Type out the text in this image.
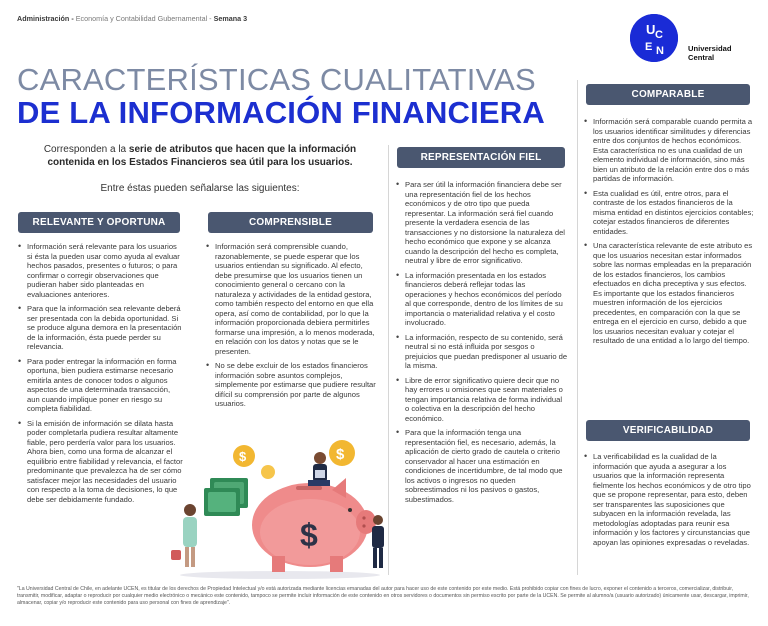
Administración - Economía y Contabilidad Gubernamental - Semana 3
U C
E N	Universidad
Central
CARACTERÍSTICAS CUALITATIVAS
DE LA INFORMACIÓN FINANCIERA
Corresponden a la serie de atributos que hacen que la información contenida en los Estados Financieros sea útil para los usuarios.
Entre éstas pueden señalarse las siguientes:
RELEVANTE Y OPORTUNA
• Información será relevante para los usuarios si ésta la pueden usar como ayuda al evaluar hechos pasados, presentes o futuros; o para confirmar o corregir observaciones que pudieran haber sido planteadas en evaluaciones anteriores.
• Para que la información sea relevante deberá ser presentada con la debida oportunidad. Si se produce alguna demora en la presentación de la información, ésta puede perder su relevancia.
• Para poder entregar la información en forma oportuna, bien pudiera estimarse necesario emitirla antes de conocer todos o algunos aspectos de una determinada transacción, aun cuando implique poner en riesgo su completa fiabilidad.
• Si la emisión de información se dilata hasta poder completarla pudiera resultar altamente fiable, pero perdería valor para los usuarios. Ahora bien, como una forma de alcanzar el equilibrio entre fiabilidad y relevancia, el factor predominante que prevalezca ha de ser cómo satisfacer mejor las necesidades del usuario con respecto a la toma de decisiones, lo que debe ser debidamente fundado.
COMPRENSIBLE
• Información será comprensible cuando, razonablemente, se puede esperar que los usuarios entiendan su significado. Al efecto, debe presumirse que los usuarios tienen un conocimiento general o cercano con la naturaleza y actividades de la entidad gestora, como también respecto del entorno en que ella opera, así como de contabilidad, por lo que la información proporcionada debiera permitirles formarse una impresión, a lo menos moderada, en relación con los datos y notas que se le presenten.
• No se debe excluir de los estados financieros información sobre asuntos complejos, simplemente por estimarse que pudiere resultar difícil su comprensión por parte de algunos usuarios.
$	$
$
REPRESENTACIÓN FIEL
• Para ser útil la información financiera debe ser una representación fiel de los hechos económicos y de otro tipo que pueda representar. La información será fiel cuando presente la verdadera esencia de las transacciones y no distorsione la naturaleza del hecho económico que expone y se alcanza cuando la descripción del hecho es completa, neutral y libre de error significativo.
• La información presentada en los estados financieros deberá reflejar todas las operaciones y hechos económicos del período al que corresponde, dentro de los límites de su importancia o materialidad relativa y el costo involucrado.
• La información, respecto de su contenido, será neutral si no está influida por sesgos o prejuicios que puedan predisponer al usuario de la misma.
• Libre de error significativo quiere decir que no hay errores u omisiones que sean materiales o tengan importancia relativa de forma individual o colectiva en la descripción del hecho económico.
• Para que la información tenga una representación fiel, es necesario, además, la aplicación de cierto grado de cautela o criterio conservador al hacer una estimación en condiciones de incertidumbre, de tal modo que los activos o ingresos no queden sobreestimados ni los pasivos o gastos, subestimados.
COMPARABLE
• Información será comparable cuando permita a los usuarios identificar similitudes y diferencias entre dos conjuntos de hechos económicos. Esta característica no es una cualidad de un elemento individual de información, sino más bien un atributo de la relación entre dos o más partidas de información.
• Esta cualidad es útil, entre otros, para el contraste de los estados financieros de la misma entidad en distintos ejercicios contables; cotejar estados financieros de diferentes entidades.
• Una característica relevante de este atributo es que los usuarios necesitan estar informados sobre las normas empleadas en la preparación de los estados financieros, los cambios efectuados en dicha preceptiva y sus efectos. Es importante que los estados financieros muestren información de los ejercicios precedentes, en comparación con la que se entrega en el ejercicio en curso, debido a que los usuarios necesitan evaluar y cotejar el resultado de una entidad a lo largo del tiempo.
VERIFICABILIDAD
• La verificabilidad es la cualidad de la información que ayuda a asegurar a los usuarios que la información representa fielmente los hechos económicos y de otro tipo que se propone representar, para esto, deben ser transparentes las suposiciones que subyacen en la información revelada, las metodologías adoptadas para reunir esa información y los factores y circunstancias que apoyan las opiniones expresadas o reveladas.
"La Universidad Central de Chile, en adelante UCEN, es titular de los derechos de Propiedad Intelectual y/o está autorizada mediante licencias emanadas del autor para hacer uso de este contenido por este medio. Está prohibido copiar con fines de lucro, exponer el contenido a terceros, comercializar, distribuir, transmitir, modificar, adaptar o reproducir por cualquier medio electrónico o mecánico este contenido, tampoco se permite incluir información de este contenido en otros servidores o documentos sin permiso escrito por parte de la UCEN. Se permite al alumno/a (usuario autorizado) únicamente usar, descargar, imprimir, almacenar, copiar y/o reproducir este contenido para uso personal con fines de aprendizaje".
